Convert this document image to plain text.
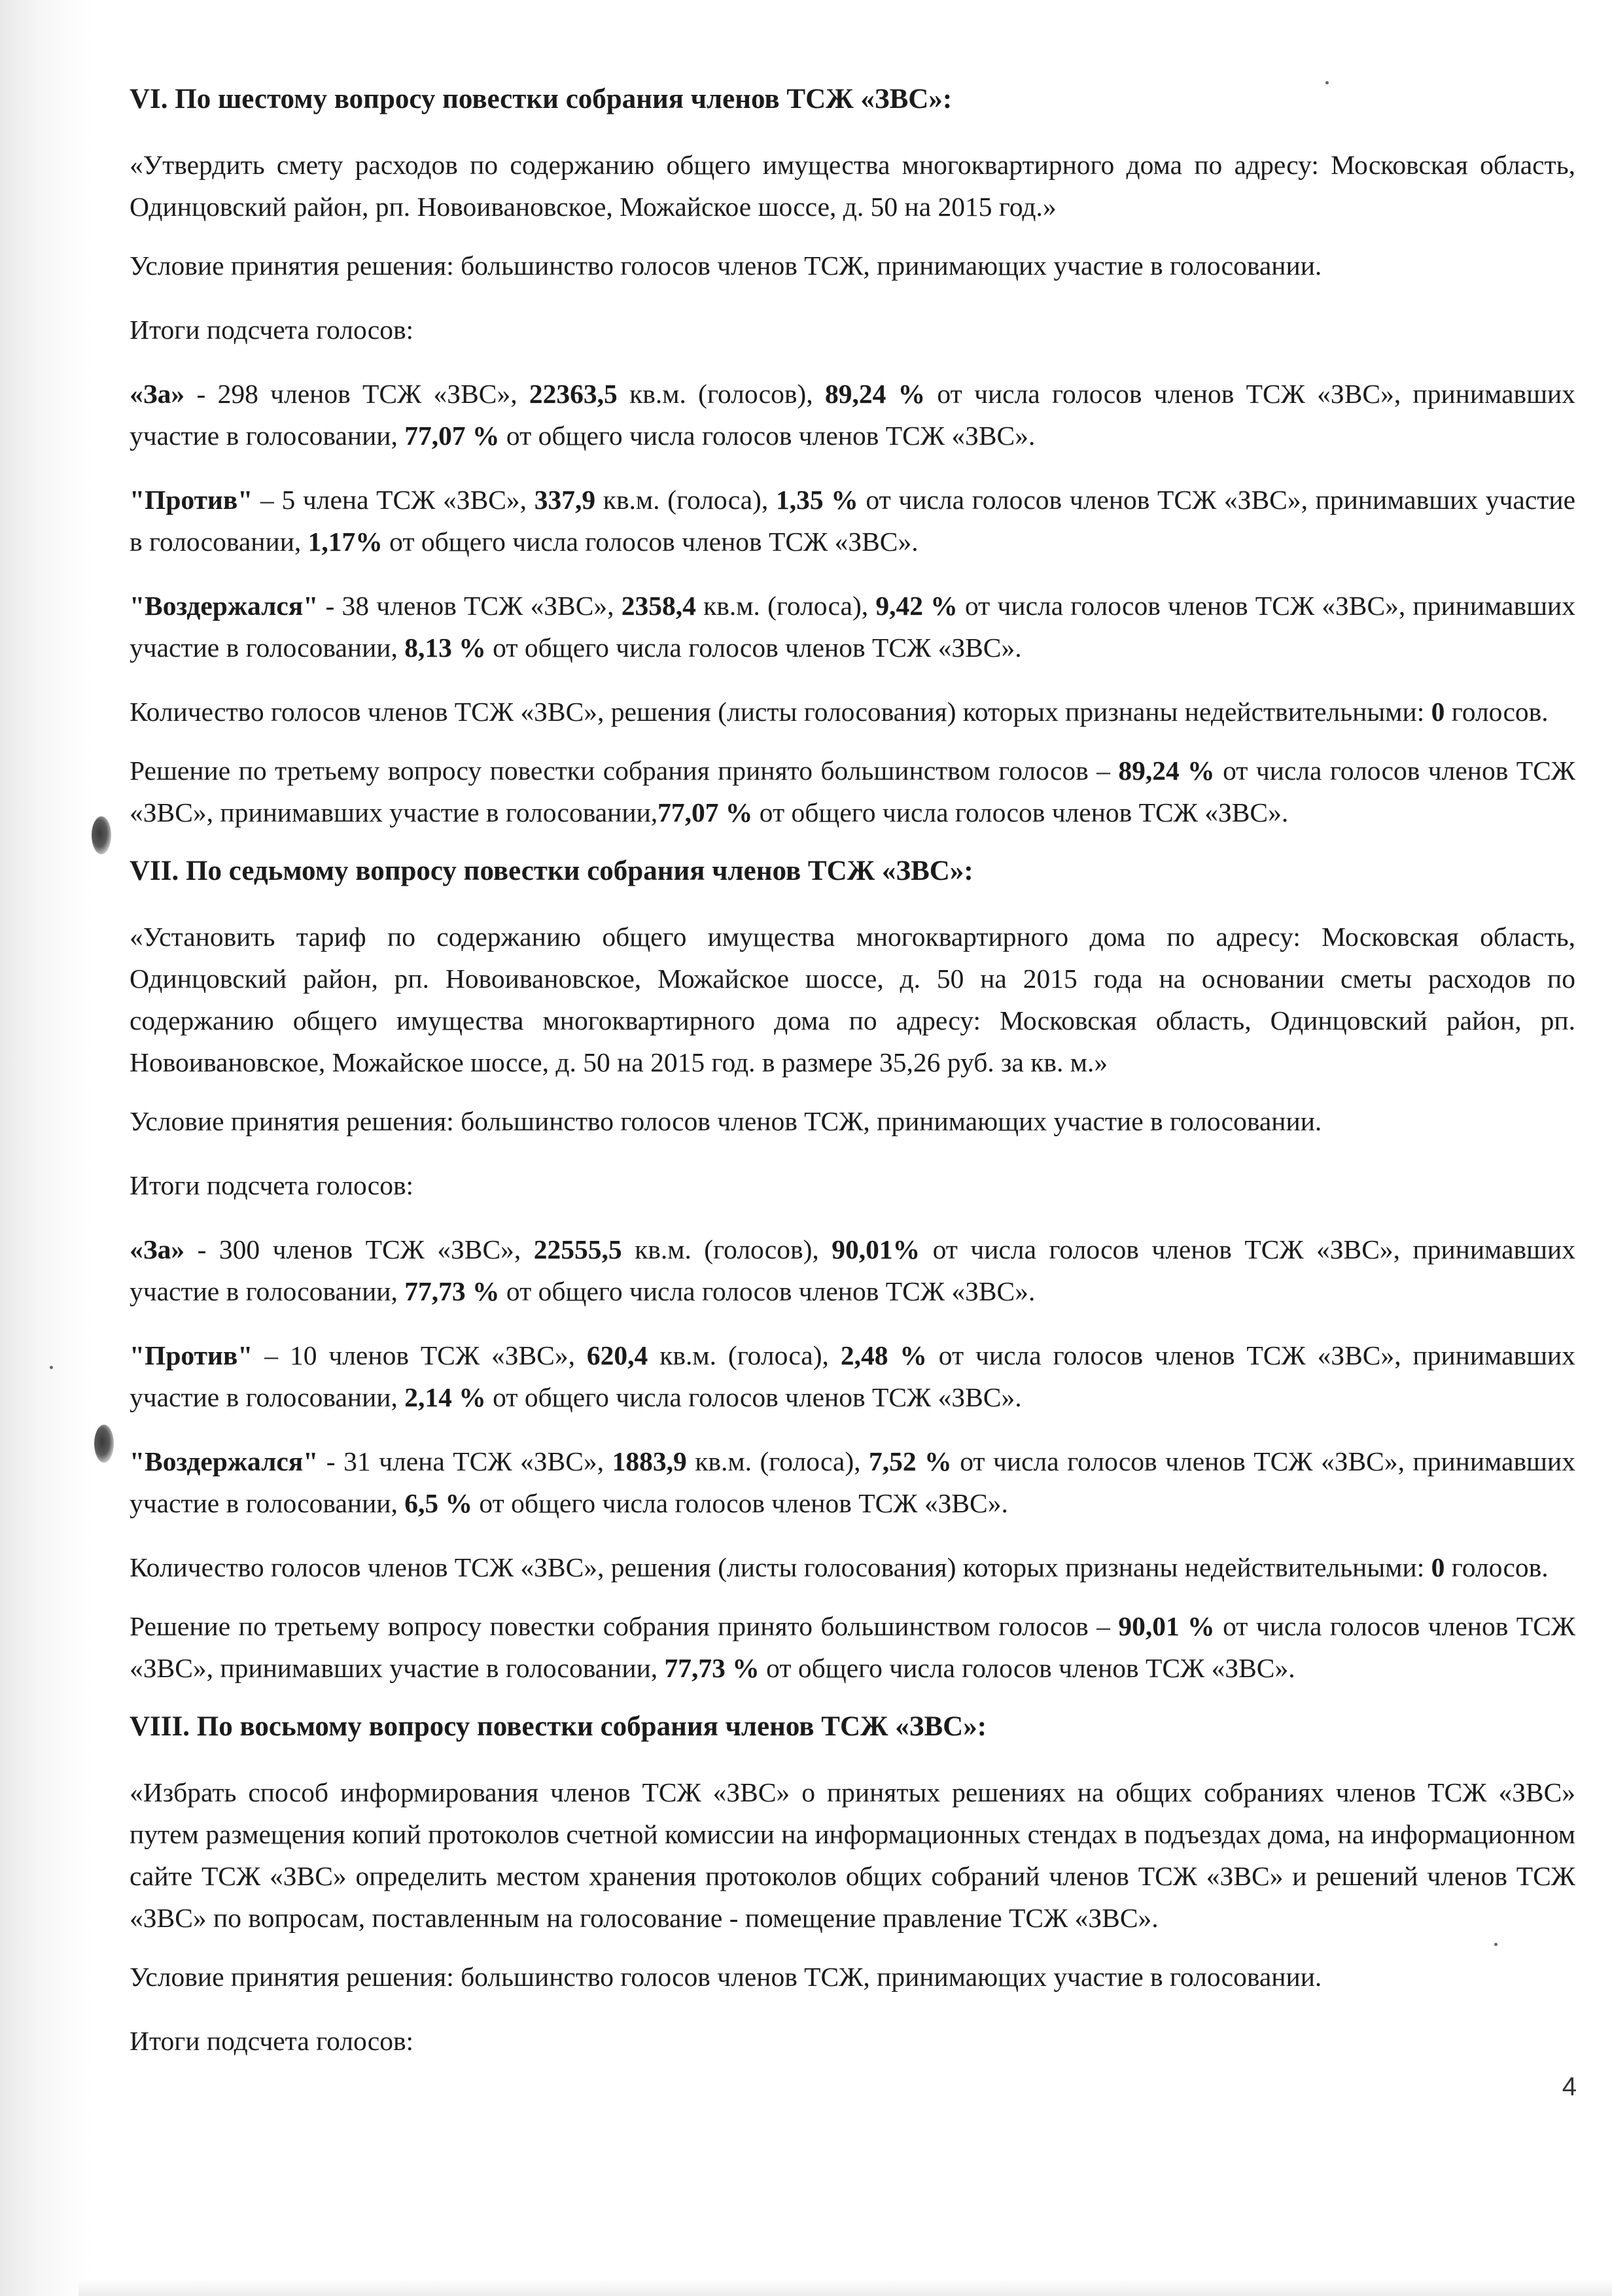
VI. По шестому вопросу повестки собрания членов ТСЖ «ЗВС»:
«Утвердить смету расходов по содержанию общего имущества многоквартирного дома по адресу: Московская область, Одинцовский район, рп. Новоивановское, Можайское шоссе, д. 50 на 2015 год.»
Условие принятия решения: большинство голосов членов ТСЖ, принимающих участие в голосовании.
Итоги подсчета голосов:
«За» - 298 членов ТСЖ «ЗВС», 22363,5 кв.м. (голосов), 89,24 % от числа голосов членов ТСЖ «ЗВС», принимавших участие в голосовании, 77,07 % от общего числа голосов членов ТСЖ «ЗВС».
"Против" – 5 члена ТСЖ «ЗВС», 337,9 кв.м. (голоса), 1,35 % от числа голосов членов ТСЖ «ЗВС», принимавших участие в голосовании, 1,17% от общего числа голосов членов ТСЖ «ЗВС».
"Воздержался" - 38 членов ТСЖ «ЗВС», 2358,4 кв.м. (голоса), 9,42 % от числа голосов членов ТСЖ «ЗВС», принимавших участие в голосовании, 8,13 % от общего числа голосов членов ТСЖ «ЗВС».
Количество голосов членов ТСЖ «ЗВС», решения (листы голосования) которых признаны недействительными: 0 голосов.
Решение по третьему вопросу повестки собрания принято большинством голосов – 89,24 % от числа голосов членов ТСЖ «ЗВС», принимавших участие в голосовании,77,07 % от общего числа голосов членов ТСЖ «ЗВС».
VII. По седьмому вопросу повестки собрания членов ТСЖ «ЗВС»:
«Установить тариф по содержанию общего имущества многоквартирного дома по адресу: Московская область, Одинцовский район, рп. Новоивановское, Можайское шоссе, д. 50 на 2015 года на основании сметы расходов по содержанию общего имущества многоквартирного дома по адресу: Московская область, Одинцовский район, рп. Новоивановское, Можайское шоссе, д. 50 на 2015 год. в размере 35,26 руб. за кв. м.»
Условие принятия решения: большинство голосов членов ТСЖ, принимающих участие в голосовании.
Итоги подсчета голосов:
«За» - 300 членов ТСЖ «ЗВС», 22555,5 кв.м. (голосов), 90,01% от числа голосов членов ТСЖ «ЗВС», принимавших участие в голосовании, 77,73 % от общего числа голосов членов ТСЖ «ЗВС».
"Против" – 10 членов ТСЖ «ЗВС», 620,4 кв.м. (голоса), 2,48 % от числа голосов членов ТСЖ «ЗВС», принимавших участие в голосовании, 2,14 % от общего числа голосов членов ТСЖ «ЗВС».
"Воздержался" - 31 члена ТСЖ «ЗВС», 1883,9 кв.м. (голоса), 7,52 % от числа голосов членов ТСЖ «ЗВС», принимавших участие в голосовании, 6,5 % от общего числа голосов членов ТСЖ «ЗВС».
Количество голосов членов ТСЖ «ЗВС», решения (листы голосования) которых признаны недействительными: 0 голосов.
Решение по третьему вопросу повестки собрания принято большинством голосов – 90,01 % от числа голосов членов ТСЖ «ЗВС», принимавших участие в голосовании, 77,73 % от общего числа голосов членов ТСЖ «ЗВС».
VIII. По восьмому вопросу повестки собрания членов ТСЖ «ЗВС»:
«Избрать способ информирования членов ТСЖ «ЗВС» о принятых решениях на общих собраниях членов ТСЖ «ЗВС» путем размещения копий протоколов счетной комиссии на информационных стендах в подъездах дома, на информационном сайте ТСЖ «ЗВС» определить местом хранения протоколов общих собраний членов ТСЖ «ЗВС» и решений членов ТСЖ «ЗВС» по вопросам, поставленным на голосование - помещение правление ТСЖ «ЗВС».
Условие принятия решения: большинство голосов членов ТСЖ, принимающих участие в голосовании.
Итоги подсчета голосов:
4
